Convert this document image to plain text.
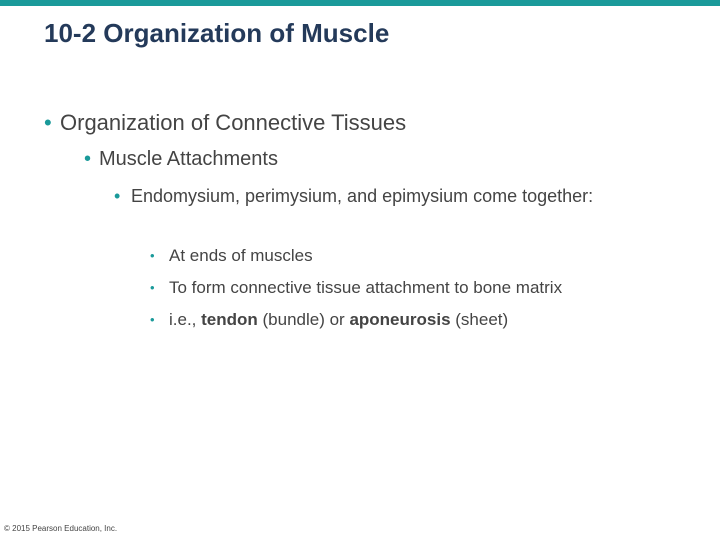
10-2 Organization of Muscle
• Organization of Connective Tissues
• Muscle Attachments
• Endomysium, perimysium, and epimysium come together:
• At ends of muscles
• To form connective tissue attachment to bone matrix
• i.e., tendon (bundle) or aponeurosis (sheet)
© 2015 Pearson Education, Inc.
